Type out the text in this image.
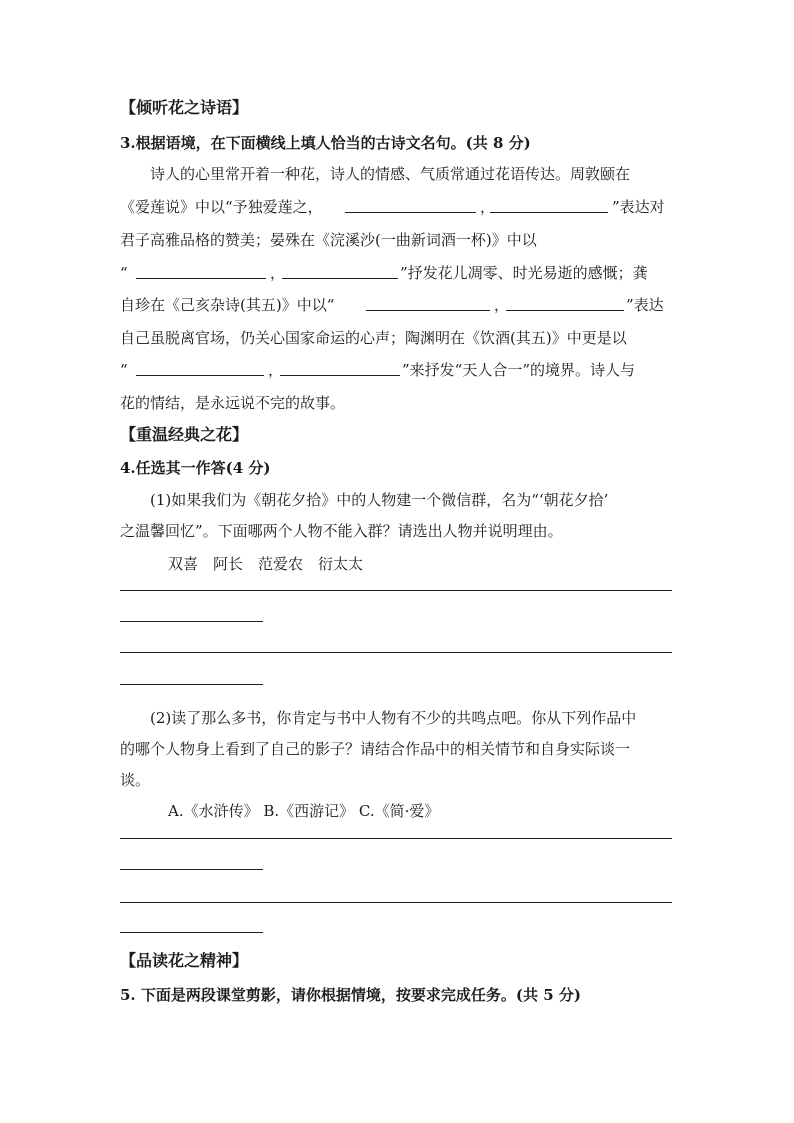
【倾听花之诗语】
3.根据语境，在下面横线上填人恰当的古诗文名句。(共 8 分)
诗人的心里常开着一种花，诗人的情感、气质常通过花语传达。周敦颐在
《爱莲说》中以“予独爱莲之，	，	”表达对
君子高雅品格的赞美；晏殊在《浣溪沙(一曲新词酒一杯)》中以
“	，	”抒发花儿凋零、时光易逝的感慨；龚
自珍在《己亥杂诗(其五)》中以“	，	”表达
自己虽脱离官场，仍关心国家命运的心声；陶渊明在《饮酒(其五)》中更是以
“	，	”来抒发“天人合一”的境界。诗人与
花的情结，是永远说不完的故事。
【重温经典之花】
4.任选其一作答(4 分)
(1)如果我们为《朝花夕拾》中的人物建一个微信群，名为“‘朝花夕拾’
之温馨回忆”。下面哪两个人物不能入群？请选出人物并说明理由。
双喜　阿长　范爱农　衍太太
(2)读了那么多书，你肯定与书中人物有不少的共鸣点吧。你从下列作品中
的哪个人物身上看到了自己的影子？请结合作品中的相关情节和自身实际谈一
谈。
A.《水浒传》 B.《西游记》 C.《简·爱》
【品读花之精神】
5. 下面是两段课堂剪影，请你根据情境，按要求完成任务。(共 5 分)
